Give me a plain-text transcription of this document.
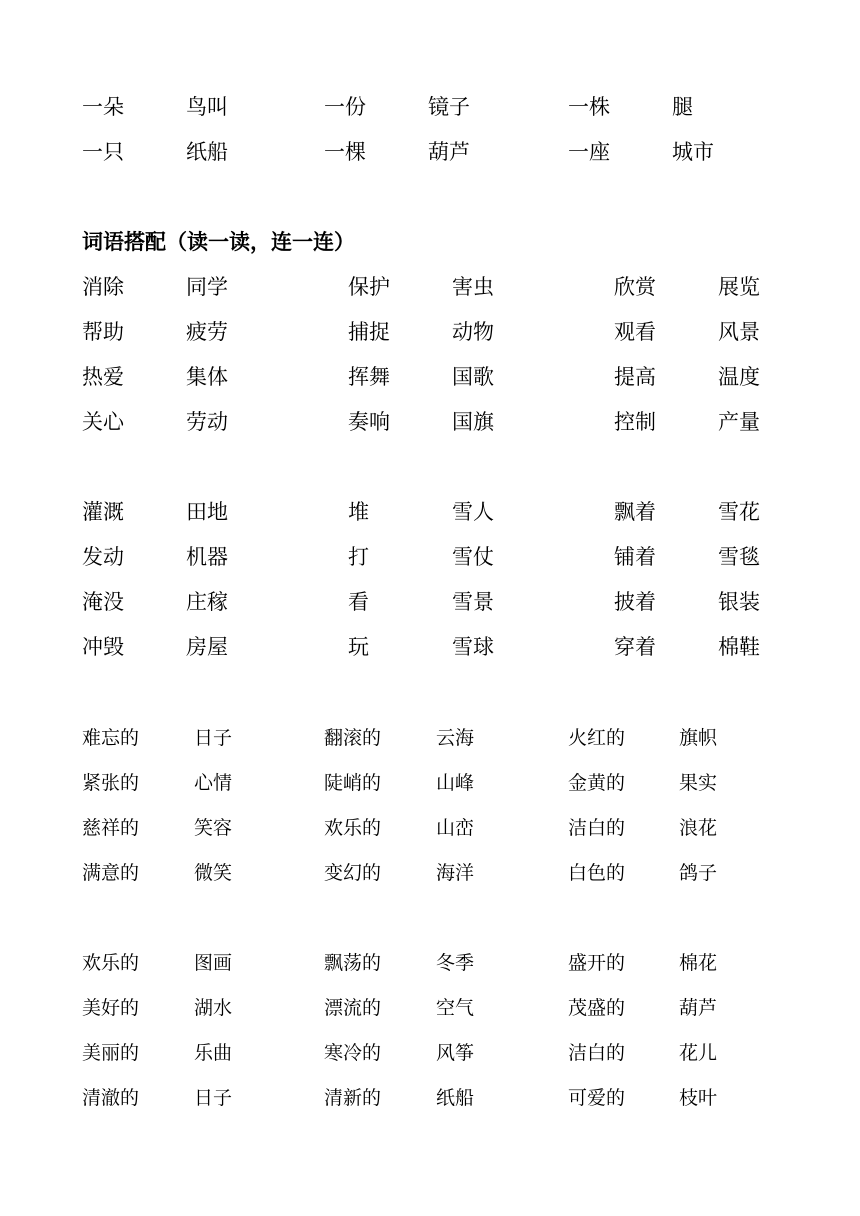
一朵	鸟叫	一份	镜子	一株	腿
一只	纸船	一棵	葫芦	一座	城市
词语搭配（读一读，连一连）
消除	同学	保护	害虫	欣赏	展览
帮助	疲劳	捕捉	动物	观看	风景
热爱	集体	挥舞	国歌	提高	温度
关心	劳动	奏响	国旗	控制	产量
灌溉	田地	堆	雪人	飘着	雪花
发动	机器	打	雪仗	铺着	雪毯
淹没	庄稼	看	雪景	披着	银装
冲毁	房屋	玩	雪球	穿着	棉鞋
难忘的	日子	翻滚的	云海	火红的	旗帜
紧张的	心情	陡峭的	山峰	金黄的	果实
慈祥的	笑容	欢乐的	山峦	洁白的	浪花
满意的	微笑	变幻的	海洋	白色的	鸽子
欢乐的	图画	飘荡的	冬季	盛开的	棉花
美好的	湖水	漂流的	空气	茂盛的	葫芦
美丽的	乐曲	寒冷的	风筝	洁白的	花儿
清澈的	日子	清新的	纸船	可爱的	枝叶
